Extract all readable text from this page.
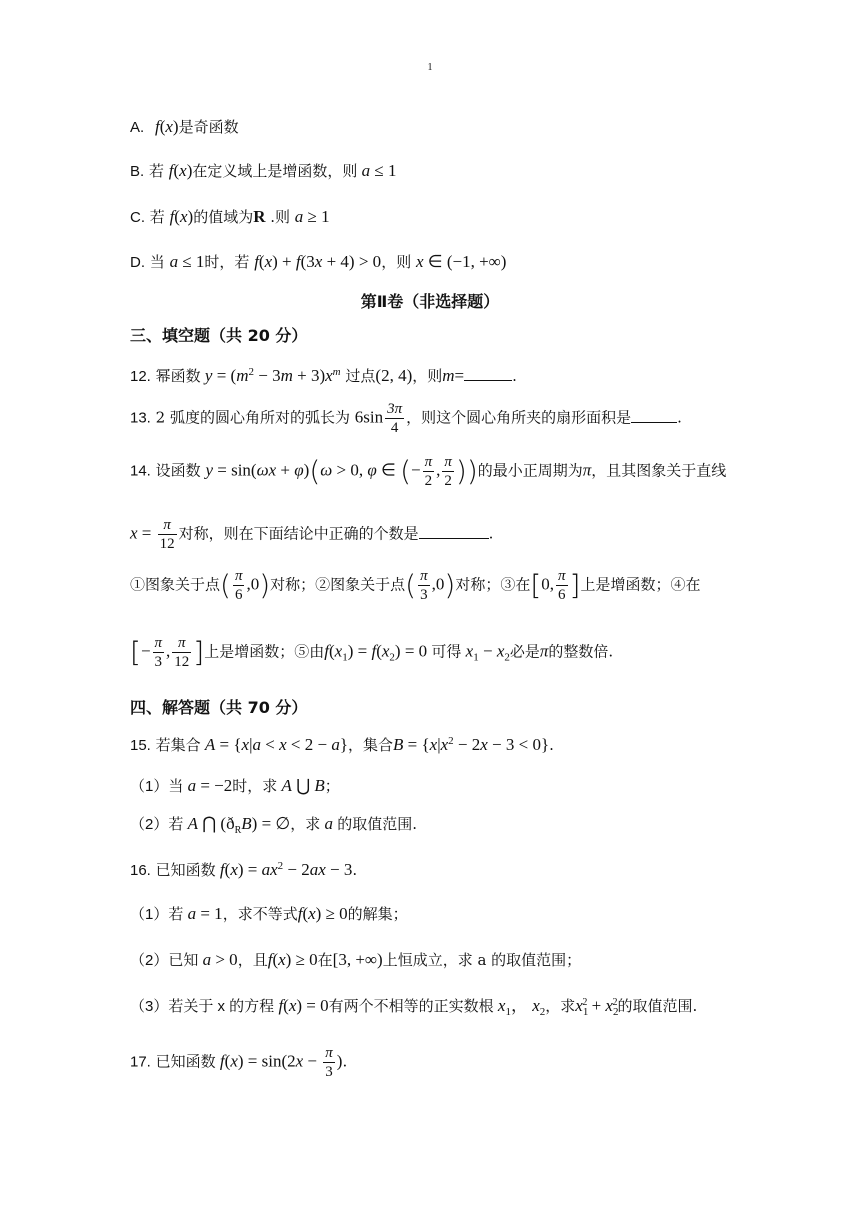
1
A. f(x)是奇函数
B. 若 f(x)在定义域上是增函数，则 a ≤ 1
C. 若 f(x)的值域为R .则 a ≥ 1
D. 当 a ≤ 1时，若 f(x) + f(3x + 4) > 0，则 x ∈ (−1, +∞)
第Ⅱ卷（非选择题）
三、填空题（共 20 分）
12. 幂函数 $y = (m^2 - 3m + 3)x^m$ 过点(2, 4)，则m=	.
13. 2 弧度的圆心角所对的弧长为 $6\sin \frac{3\pi}{4}$ ，则这个圆心角所夹的扇形面积是	.
14. 设函数 y = sin(ωx + φ)(ω > 0, φ ∈ (− $\frac{\pi}{2}$ , $\frac{\pi}{2}$ ))的最小正周期为π，且其图象关于直线
$x = \frac{\pi}{12}$ 对称，则在下面结论中正确的个数是	.
①图象关于点( $\frac{\pi}{6} ,0$)对称；②图象关于点( $\frac{\pi}{3} ,0$)对称；③在[0, $\frac{\pi}{6}$ ]上是增函数；④在
[− $\frac{\pi}{3}$ , $\frac{\pi}{12}$ ]上是增函数；⑤由$f(x_1) = f(x_2) = 0$ 可得 $x_1 - x_2$必是π的整数倍.
四、解答题（共 70 分）
15. 若集合 A = {x|a < x < 2 − a}，集合$B = \{x|x^2 - 2x - 3 < 0\}$.
（1）当 a = −2时，求 A ⋃ B；
（2）若 A ⋂ $(ð_RB)$ = ∅，求 a 的取值范围.
16. 已知函数 $f(x) = ax^2 - 2ax - 3$.
（1）若 a = 1，求不等式f(x) ≥ 0的解集；
（2）已知 a > 0，且f(x) ≥ 0在[3, +∞)上恒成立，求 a 的取值范围；
（3）若关于 x 的方程 f(x) = 0有两个不相等的正实数根 $x_1$， $x_2$，求$x_1^2 + x_2^2$的取值范围.
17. 已知函数 $f(x) = \sin(2x - \frac{\pi}{3}$ ).
